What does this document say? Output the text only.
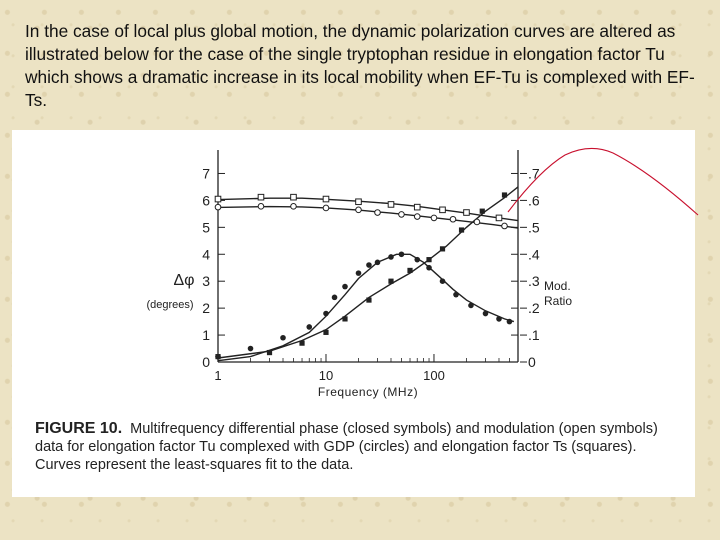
In the case of local plus global motion, the dynamic polarization curves are altered as illustrated below for the case of the single tryptophan residue in elongation factor Tu which shows a dramatic increase in its local mobility when EF-Tu is complexed with EF-Ts.
0
1
2
3
4
5
6
7
0
.1
.2
.3
.4
.5
.6
.7
1	10	100
Frequency (MHz)
Δφ
(degrees)
Mod.
Ratio
FIGURE 10. Multifrequency differential phase (closed symbols) and modulation (open symbols) data for elongation factor Tu complexed with GDP (circles) and elongation factor Ts (squares). Curves represent the least-squares fit to the data.
